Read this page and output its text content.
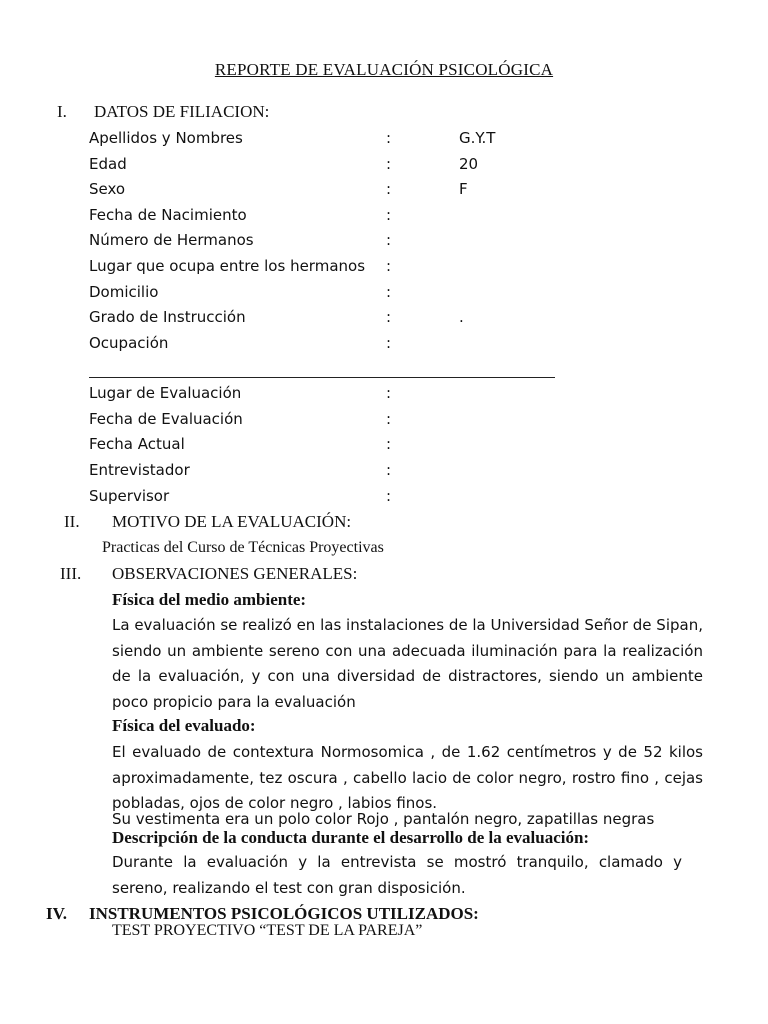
REPORTE DE EVALUACIÓN PSICOLÓGICA
I. DATOS DE FILIACION:
Apellidos y Nombres	:	G.Y.T
Edad	:	20
Sexo	:	F
Fecha de Nacimiento	:
Número de Hermanos	:
Lugar que ocupa entre los hermanos :
Domicilio	:
Grado de Instrucción	:	.
Ocupación	:
Lugar de Evaluación	:
Fecha de Evaluación	:
Fecha Actual	:
Entrevistador	:
Supervisor	:
II. MOTIVO DE LA EVALUACIÓN:
Practicas del Curso de Técnicas Proyectivas
III. OBSERVACIONES GENERALES:
Física del medio ambiente:
La evaluación se realizó en las instalaciones de la Universidad Señor de Sipan, siendo un ambiente sereno con una adecuada iluminación para la realización de la evaluación, y con una diversidad de distractores, siendo un ambiente poco propicio para la evaluación
Física del evaluado:
El evaluado de contextura Normosomica , de 1.62 centímetros y de 52 kilos aproximadamente, tez oscura , cabello lacio de color negro, rostro fino , cejas pobladas, ojos de color negro , labios finos.
Su vestimenta era un polo color Rojo , pantalón negro, zapatillas negras
Descripción de la conducta durante el desarrollo de la evaluación:
Durante la evaluación y la entrevista se mostró tranquilo, clamado y sereno, realizando el test con gran disposición.
IV. INSTRUMENTOS PSICOLÓGICOS UTILIZADOS:
TEST PROYECTIVO “TEST DE LA PAREJA”
